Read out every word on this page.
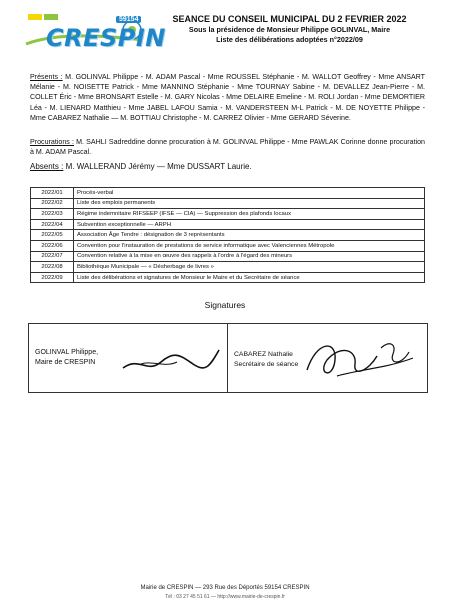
CRESPIN
59154	SEANCE DU CONSEIL MUNICIPAL DU 2 FEVRIER 2022
Sous la présidence de Monsieur Philippe GOLINVAL, Maire
Liste des délibérations adoptées n°2022/09
Présents : M. GOLINVAL Philippe - M. ADAM Pascal - Mme ROUSSEL Stéphanie - M. WALLOT Geoffrey - Mme ANSART Mélanie - M. NOISETTE Patrick - Mme MANNINO Stéphanie - Mme TOURNAY Sabine - M. DEVALLEZ Jean-Pierre - M. COLLET Éric - Mme BRONSART Estelle - M. GARY Nicolas - Mme DELAIRE Emeline - M. ROLI Jordan - Mme DEMORTIER Léa - M. LIENARD Matthieu - Mme JABEL LAFOU Samia - M. VANDERSTEEN M-L Patrick - M. DE NOYETTE Philippe - Mme CABAREZ Nathalie — M. BOTTIAU Christophe - M. CARREZ Olivier - Mme GERARD Séverine.
Procurations : M. SAHLI Sadreddine donne procuration à M. GOLINVAL Philippe - Mme PAWLAK Corinne donne procuration à M. ADAM Pascal.
Absents : M. WALLERAND Jérémy — Mme DUSSART Laurie.
2022/01	Procès-verbal
2022/02	Liste des emplois permanents
2022/03	Régime indemnitaire RIFSEEP (IFSE — CIA) — Suppression des plafonds locaux
2022/04	Subvention exceptionnelle — ARPH
2022/05	Association Âge Tendre : désignation de 3 représentants
2022/06	Convention pour l'instauration de prestations de service informatique avec Valenciennes Métropole
2022/07	Convention relative à la mise en œuvre des rappels à l'ordre à l'égard des mineurs
2022/08	Bibliothèque Municipale — « Désherbage de livres »
2022/09	Liste des délibérations et signatures de Monsieur le Maire et du Secrétaire de séance
Signatures
GOLINVAL Philippe,
Maire de CRESPIN
CABAREZ Nathalie
Secrétaire de séance
Mairie de CRESPIN — 293 Rue des Déportés 59154 CRESPIN
Tél : 03 27 45 51 61 — http://www.mairie-de-crespin.fr
